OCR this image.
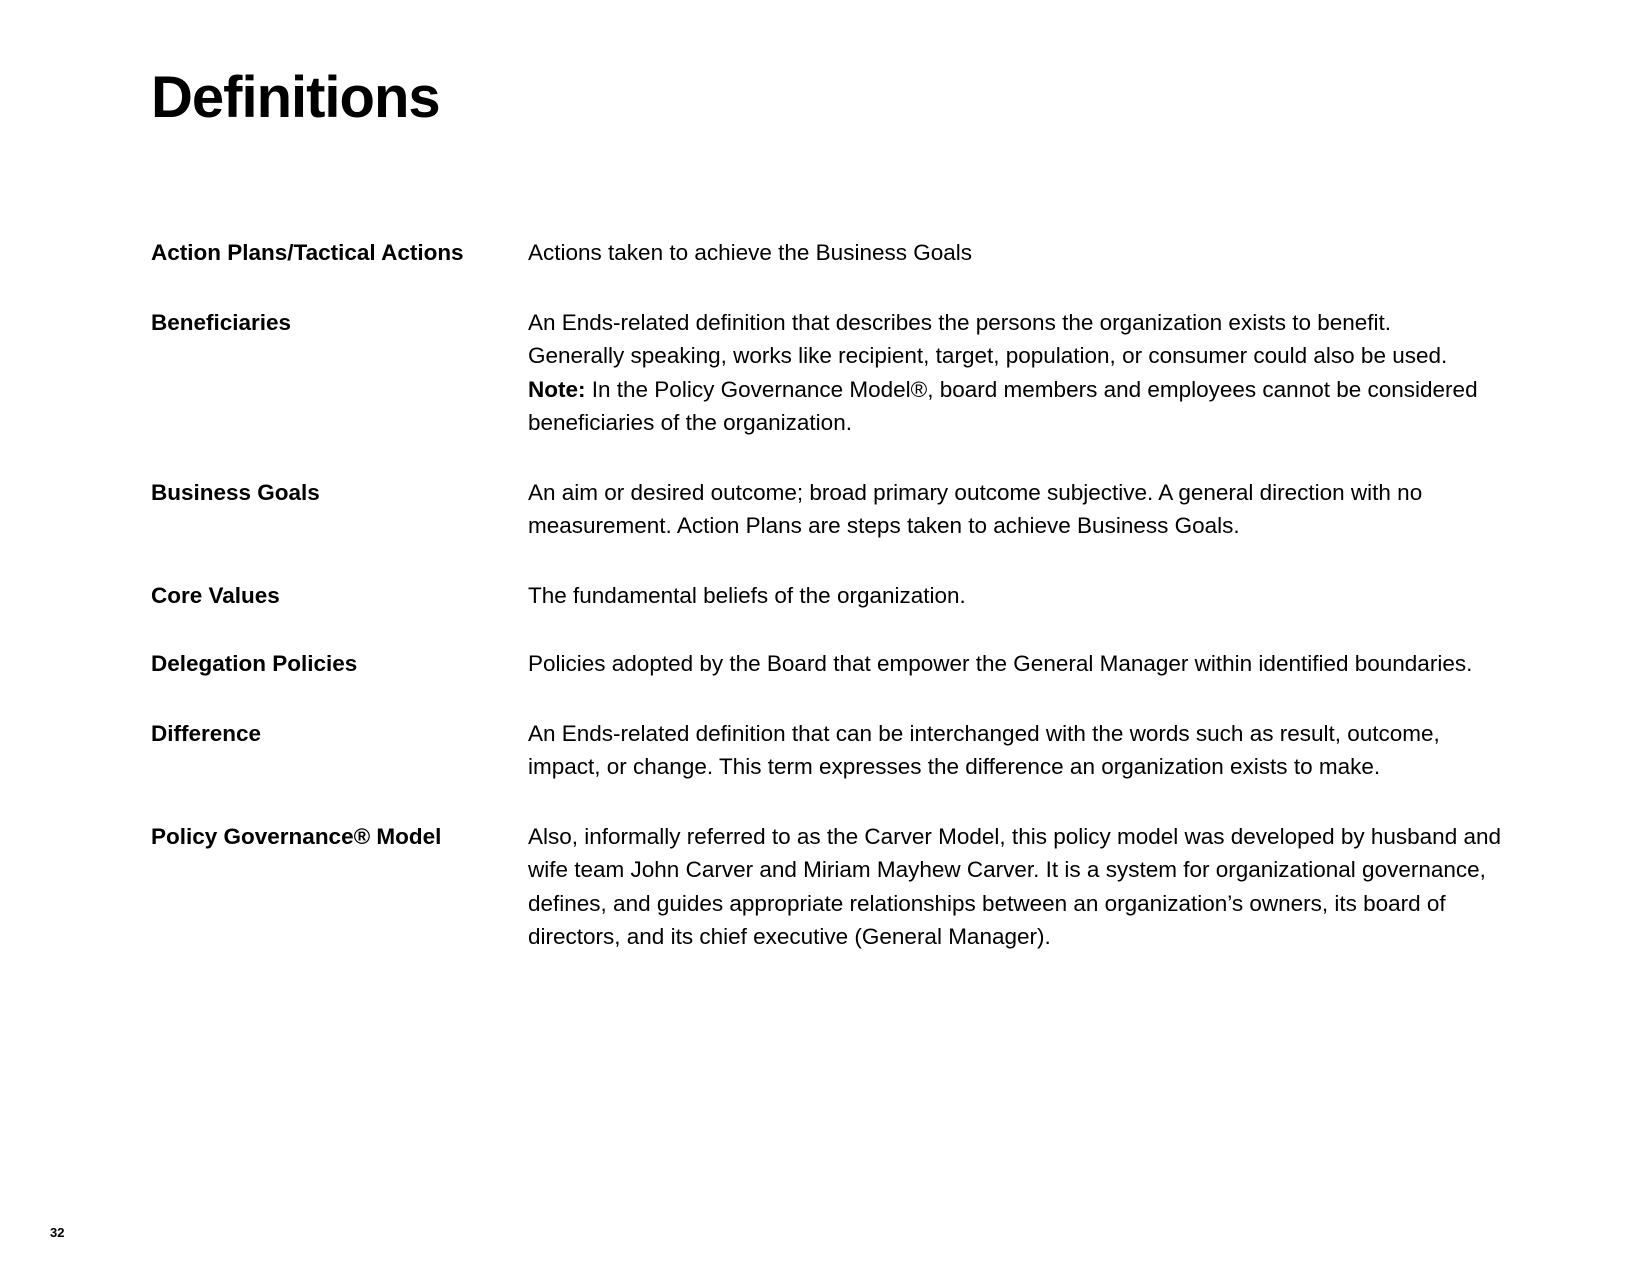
Definitions
Action Plans/Tactical Actions	Actions taken to achieve the Business Goals
Beneficiaries	An Ends-related definition that describes the persons the organization exists to benefit.
Generally speaking, works like recipient, target, population, or consumer could also be used.
Note: In the Policy Governance Model®, board members and employees cannot be considered
beneficiaries of the organization.
Business Goals	An aim or desired outcome; broad primary outcome subjective. A general direction with no
measurement. Action Plans are steps taken to achieve Business Goals.
Core Values	The fundamental beliefs of the organization.
Delegation Policies	Policies adopted by the Board that empower the General Manager within identified boundaries.
Difference	An Ends-related definition that can be interchanged with the words such as result, outcome,
impact, or change. This term expresses the difference an organization exists to make.
Policy Governance® Model	Also, informally referred to as the Carver Model, this policy model was developed by husband and
wife team John Carver and Miriam Mayhew Carver. It is a system for organizational governance,
defines, and guides appropriate relationships between an organization’s owners, its board of
directors, and its chief executive (General Manager).
32
